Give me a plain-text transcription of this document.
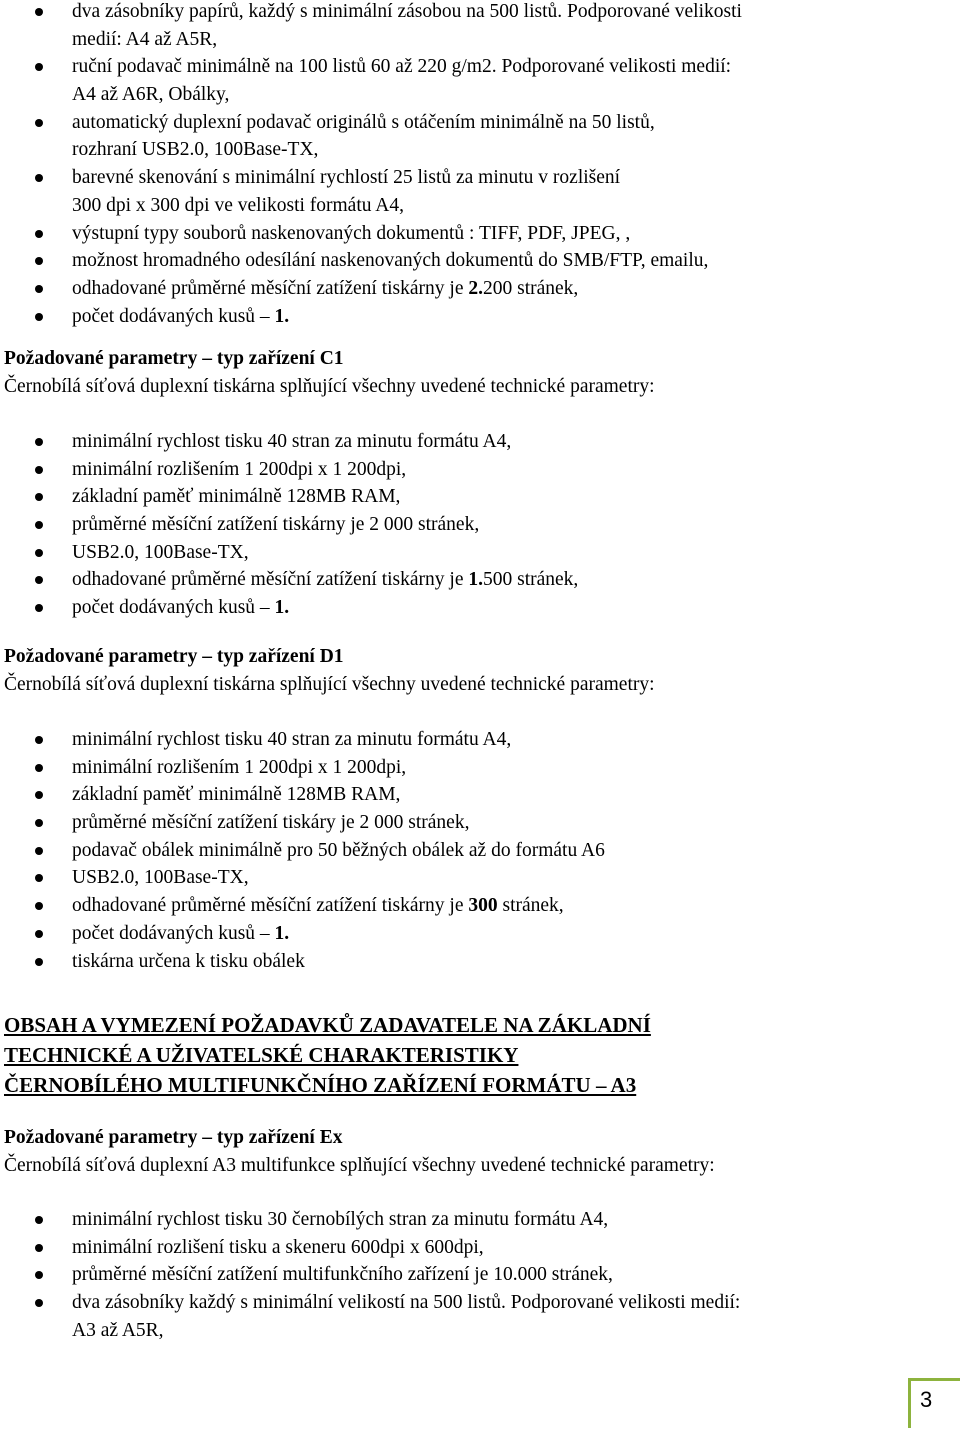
dva zásobníky papírů, každý s minimální zásobou na 500 listů. Podporované velikosti
medií: A4 až A5R,
ruční podavač minimálně na 100 listů 60 až 220 g/m2. Podporované velikosti medií:
A4 až A6R, Obálky,
automatický duplexní podavač originálů s otáčením minimálně na 50 listů,
rozhraní USB2.0, 100Base-TX,
barevné skenování s minimální rychlostí 25 listů za minutu v rozlišení
300 dpi x 300 dpi ve velikosti formátu A4,
výstupní typy souborů naskenovaných dokumentů : TIFF, PDF, JPEG, ,
možnost hromadného odesílání naskenovaných dokumentů do SMB/FTP, emailu,
odhadované průměrné měsíční zatížení tiskárny je 2.200 stránek,
počet dodávaných kusů – 1.
Požadované parametry – typ zařízení C1
Černobílá síťová duplexní tiskárna splňující všechny uvedené technické parametry:
minimální rychlost tisku 40 stran za minutu formátu A4,
minimální rozlišením 1 200dpi x 1 200dpi,
základní paměť minimálně 128MB RAM,
průměrné měsíční zatížení tiskárny je 2 000 stránek,
USB2.0, 100Base-TX,
odhadované průměrné měsíční zatížení tiskárny je 1.500 stránek,
počet dodávaných kusů – 1.
Požadované parametry – typ zařízení D1
Černobílá síťová duplexní tiskárna splňující všechny uvedené technické parametry:
minimální rychlost tisku 40 stran za minutu formátu A4,
minimální rozlišením 1 200dpi x 1 200dpi,
základní paměť minimálně 128MB RAM,
průměrné měsíční zatížení tiskáry je 2 000 stránek,
podavač obálek minimálně pro 50 běžných obálek až do formátu A6
USB2.0, 100Base-TX,
odhadované průměrné měsíční zatížení tiskárny je 300 stránek,
počet dodávaných kusů – 1.
tiskárna určena k tisku obálek
OBSAH A VYMEZENÍ POŽADAVKŮ ZADAVATELE NA ZÁKLADNÍ
TECHNICKÉ A UŽIVATELSKÉ CHARAKTERISTIKY
ČERNOBÍLÉHO MULTIFUNKČNÍHO ZAŘÍZENÍ FORMÁTU – A3
Požadované parametry – typ zařízení Ex
Černobílá síťová duplexní A3 multifunkce splňující všechny uvedené technické parametry:
minimální rychlost tisku 30 černobílých stran za minutu formátu A4,
minimální rozlišení tisku a skeneru 600dpi x 600dpi,
průměrné měsíční zatížení multifunkčního zařízení je 10.000 stránek,
dva zásobníky každý s minimální velikostí na 500 listů. Podporované velikosti medií:
A3 až A5R,
3
